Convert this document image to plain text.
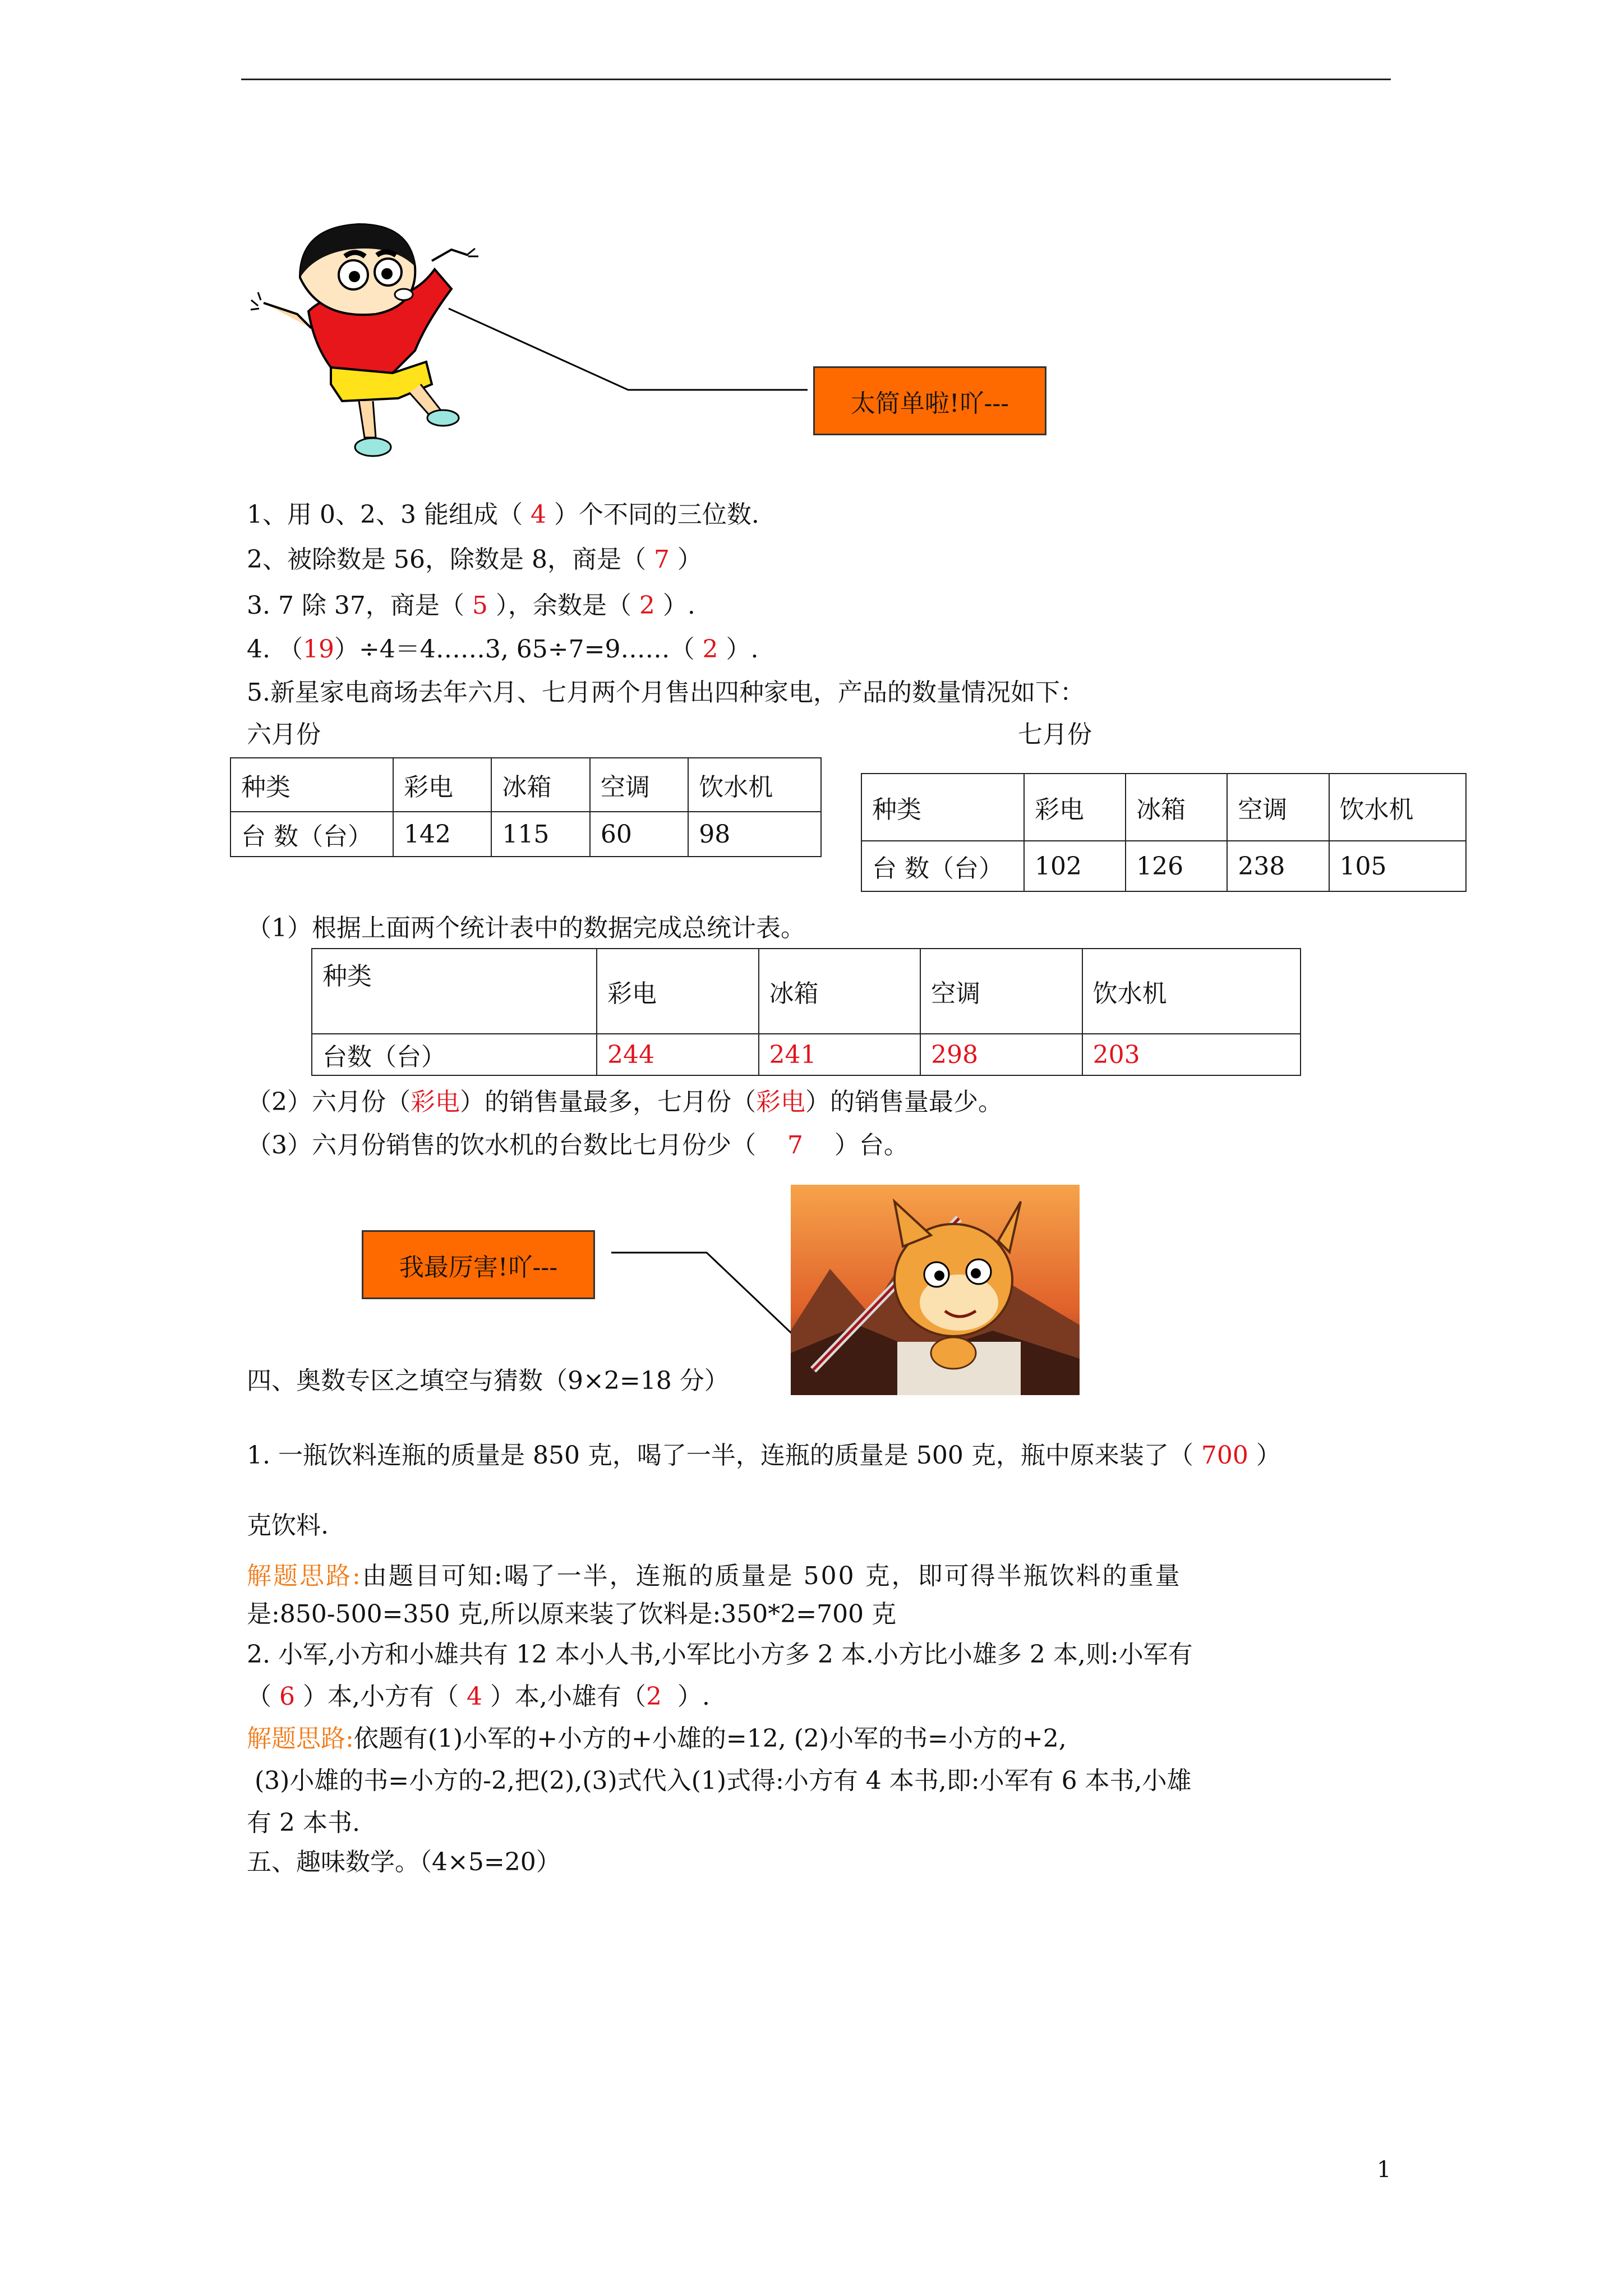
太简单啦!吖---
1、用 0、2、3 能组成（ 4 ）个不同的三位数.
2、被除数是 56，除数是 8，商是（ 7 ）
3. 7 除 37，商是（ 5 ），余数是（ 2 ）.
4. （19）÷4＝4……3, 65÷7=9……（ 2 ）.
5.新星家电商场去年六月、七月两个月售出四种家电，产品的数量情况如下：
六月份	七月份
种类	彩电	冰箱	空调	饮水机
台 数（台）	142	115	60	98
种类	彩电	冰箱	空调	饮水机
台 数（台）	102	126	238	105
（1）根据上面两个统计表中的数据完成总统计表。
种类	彩电	冰箱	空调	饮水机
台数（台）	244	241	298	203
（2）六月份（彩电）的销售量最多，七月份（彩电）的销售量最少。
（3）六月份销售的饮水机的台数比七月份少（    7    ）台。
我最厉害!吖---
四、奥数专区之填空与猜数（9×2=18 分）
1. 一瓶饮料连瓶的质量是 850 克，喝了一半，连瓶的质量是 500 克，瓶中原来装了（ 700 ）
克饮料.
解题思路:由题目可知:喝了一半，连瓶的质量是 500 克，即可得半瓶饮料的重量
是:850-500=350 克,所以原来装了饮料是:350*2=700 克
2. 小军,小方和小雄共有 12 本小人书,小军比小方多 2 本.小方比小雄多 2 本,则:小军有
（ 6 ）本,小方有（ 4 ）本,小雄有（2  ）.
解题思路:依题有(1)小军的+小方的+小雄的=12, (2)小军的书=小方的+2,
(3)小雄的书=小方的-2,把(2),(3)式代入(1)式得:小方有 4 本书,即:小军有 6 本书,小雄
有 2 本书.
五、趣味数学。（4×5=20）
1
